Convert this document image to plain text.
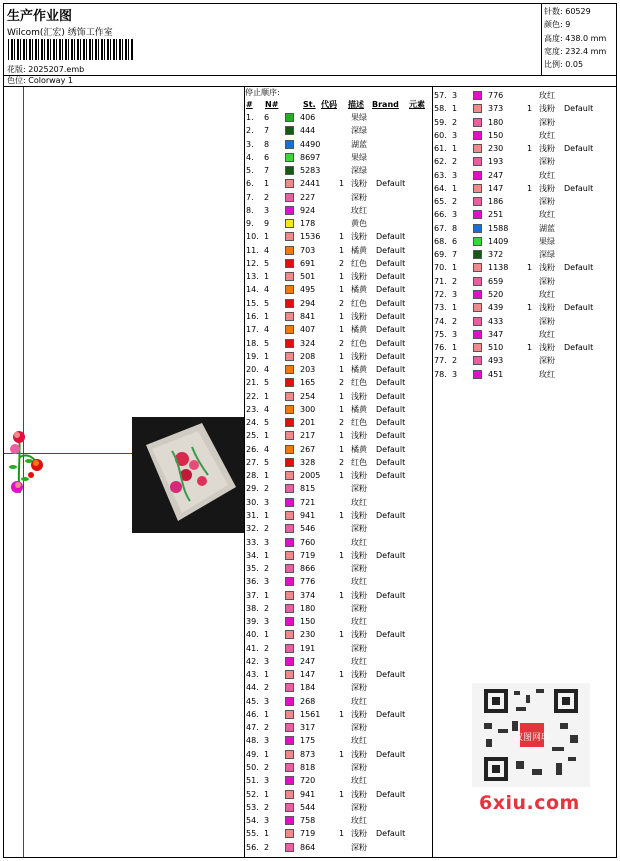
生产作业图
Wilcom(汇宏) 绣饰工作室
花版: 2025207.emb
针数: 60529
颜色: 9
高度: 438.0 mm
宽度: 232.4 mm
比例: 0.05
色位: Colorway 1
停止顺序:
# N#	St. 代码 描述 Brand 元素
1. 6	406	果绿
2. 7	444	深绿
3. 8	4490	湖蓝
4. 6	8697	果绿
5. 7	5283	深绿
6. 1	2441 1 浅粉 Default
7. 2	227	深粉
8. 3	924	玫红
9. 9	178	黄色
10. 1	1536 1 浅粉 Default
11. 4	703	1 橘黄 Default
12. 5	691	2 红色 Default
13. 1	501	1 浅粉 Default
14. 4	495	1 橘黄 Default
15. 5	294	2 红色 Default
16. 1	841	1 浅粉 Default
17. 4	407	1 橘黄 Default
18. 5	324	2 红色 Default
19. 1	208	1 浅粉 Default
20. 4	203	1 橘黄 Default
21. 5	165	2 红色 Default
22. 1	254	1 浅粉 Default
23. 4	300	1 橘黄 Default
24. 5	201	2 红色 Default
25. 1	217	1 浅粉 Default
26. 4	267	1 橘黄 Default
27. 5	328	2 红色 Default
28. 1	2005 1 浅粉 Default
29. 2	815	深粉
30. 3	721	玫红
31. 1	941	1 浅粉 Default
32. 2	546	深粉
33. 3	760	玫红
34. 1	719	1 浅粉 Default
35. 2	866	深粉
36. 3	776	玫红
37. 1	374	1 浅粉 Default
38. 2	180	深粉
39. 3	150	玫红
40. 1	230	1 浅粉 Default
41. 2	191	深粉
42. 3	247	玫红
43. 1	147	1 浅粉 Default
44. 2	184	深粉
45. 3	268	玫红
46. 1	1561 1 浅粉 Default
47. 2	317	深粉
48. 3	175	玫红
49. 1	873	1 浅粉 Default
50. 2	818	深粉
51. 3	720	玫红
52. 1	941	1 浅粉 Default
53. 2	544	深粉
54. 3	758	玫红
55. 1	719	1 浅粉 Default
56. 2	864	深粉
57. 3	776	玫红
58. 1	373	1 浅粉 Default
59. 2	180	深粉
60. 3	150	玫红
61. 1	230	1 浅粉 Default
62. 2	193	深粉
63. 3	247	玫红
64. 1	147	1 浅粉 Default
65. 2	186	深粉
66. 3	251	玫红
67. 8	1588	湖蓝
68. 6	1409	果绿
69. 7	372	深绿
70. 1	1138 1 浅粉 Default
71. 2	659	深粉
72. 3	520	玫红
73. 1	439	1 浅粉 Default
74. 2	433	深粉
75. 3	347	玫红
76. 1	510	1 浅粉 Default
77. 2	493	深粉
78. 3	451	玫红
汉图网印
6xiu.com
